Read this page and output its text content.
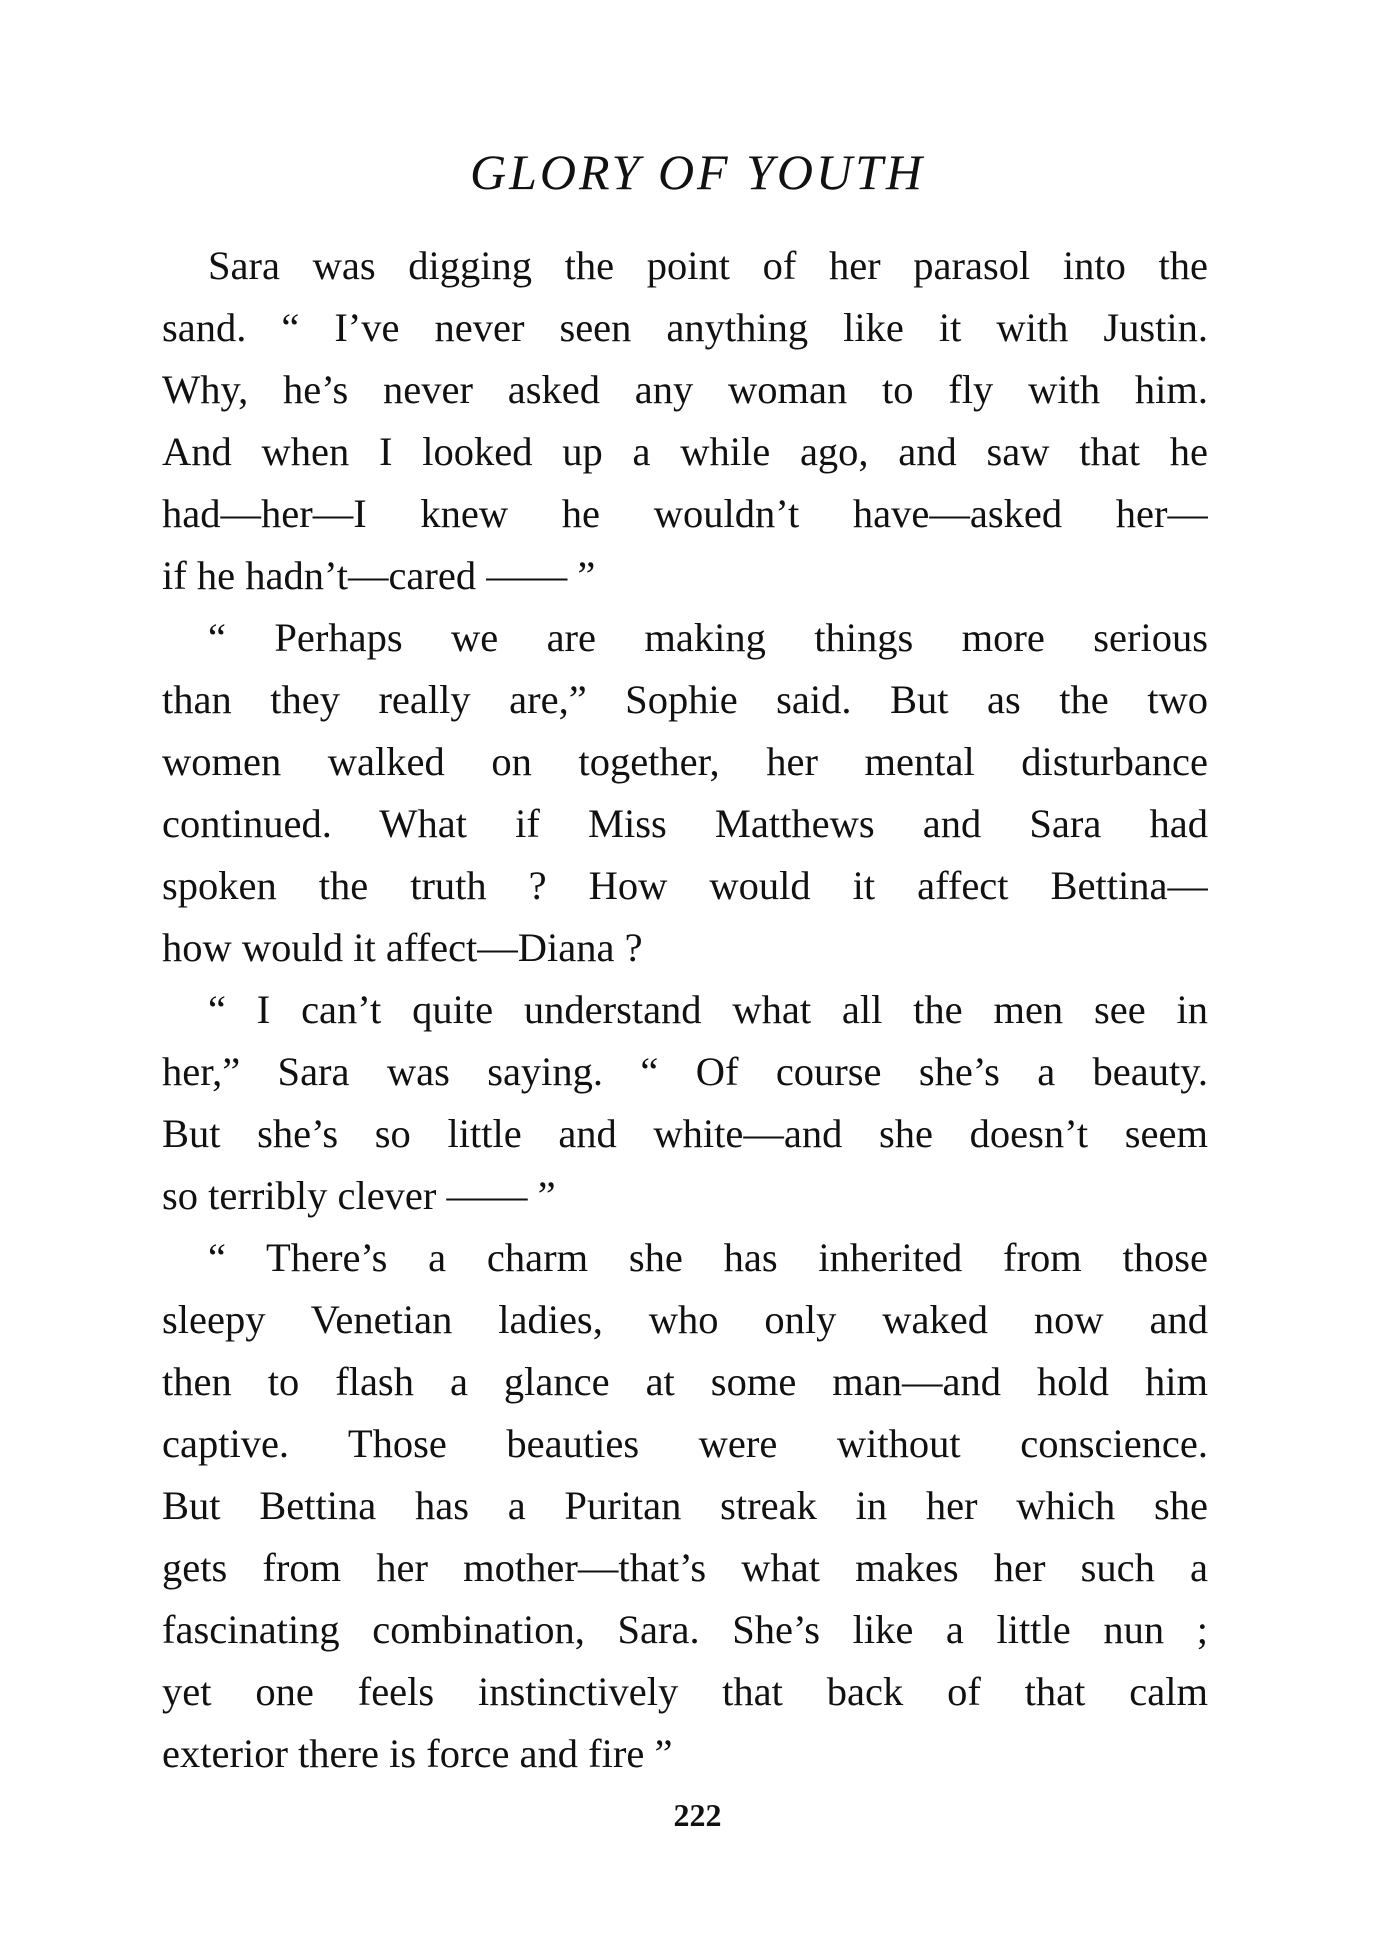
GLORY OF YOUTH
Sara was digging the point of her parasol into the
sand. “ I’ve never seen anything like it with Justin.
Why, he’s never asked any woman to fly with him.
And when I looked up a while ago, and saw that he
had—her—I knew he wouldn’t have—asked her—
if he hadn’t—cared —— ”
“ Perhaps we are making things more serious
than they really are,” Sophie said. But as the two
women walked on together, her mental disturbance
continued. What if Miss Matthews and Sara had
spoken the truth ? How would it affect Bettina—
how would it affect—Diana ?
“ I can’t quite understand what all the men see in
her,” Sara was saying. “ Of course she’s a beauty.
But she’s so little and white—and she doesn’t seem
so terribly clever —— ”
“ There’s a charm she has inherited from those
sleepy Venetian ladies, who only waked now and
then to flash a glance at some man—and hold him
captive. Those beauties were without conscience.
But Bettina has a Puritan streak in her which she
gets from her mother—that’s what makes her such a
fascinating combination, Sara. She’s like a little nun ;
yet one feels instinctively that back of that calm
exterior there is force and fire ”
222
